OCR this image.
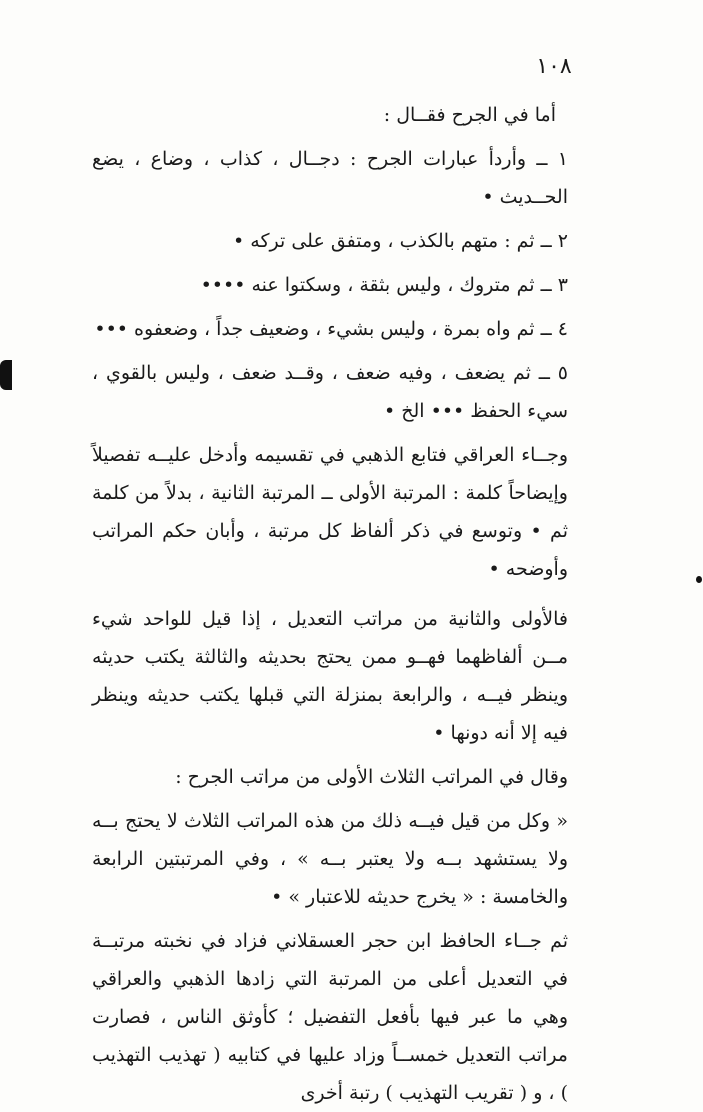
١٠٨

أما في الجرح فقــال :

١ ــ وأردأ عبارات الجرح : دجــال ، كذاب ، وضاع ، يضع الحــديث •

٢ ــ ثم : متهم بالكذب ، ومتفق على تركه •

٣ ــ ثم متروك ، وليس بثقة ، وسكتوا عنه ••••

٤ ــ ثم واه بمرة ، وليس بشيء ، وضعيف جداً ، وضعفوه •••

٥ ــ ثم يضعف ، وفيه ضعف ، وقــد ضعف ، وليس بالقوي ، سيء الحفظ ••• الخ •

وجــاء العراقي فتابع الذهبي في تقسيمه وأدخل عليــه تفصيلاً وإيضاحاً كلمة : المرتبة الأولى ــ المرتبة الثانية ، بدلاً من كلمة ثم • وتوسع في ذكر ألفاظ كل مرتبة ، وأبان حكم المراتب وأوضحه •

فالأولى والثانية من مراتب التعديل ، إذا قيل للواحد شيء مــن ألفاظهما فهــو ممن يحتج بحديثه والثالثة يكتب حديثه وينظر فيــه ، والرابعة بمنزلة التي قبلها يكتب حديثه وينظر فيه إلا أنه دونها •

وقال في المراتب الثلاث الأولى من مراتب الجرح :

« وكل من قيل فيــه ذلك من هذه المراتب الثلاث لا يحتج بــه ولا يستشهد بــه ولا يعتبر بــه » ، وفي المرتبتين الرابعة والخامسة : « يخرج حديثه للاعتبار » •

ثم جــاء الحافظ ابن حجر العسقلاني فزاد في نخبته مرتبــة في التعديل أعلى من المرتبة التي زادها الذهبي والعراقي وهي ما عبر فيها بأفعل التفضيل ؛ كأوثق الناس ، فصارت مراتب التعديل خمســاً وزاد عليها في كتابيه ( تهذيب التهذيب ) ، و ( تقريب التهذيب ) رتبة أخرى
